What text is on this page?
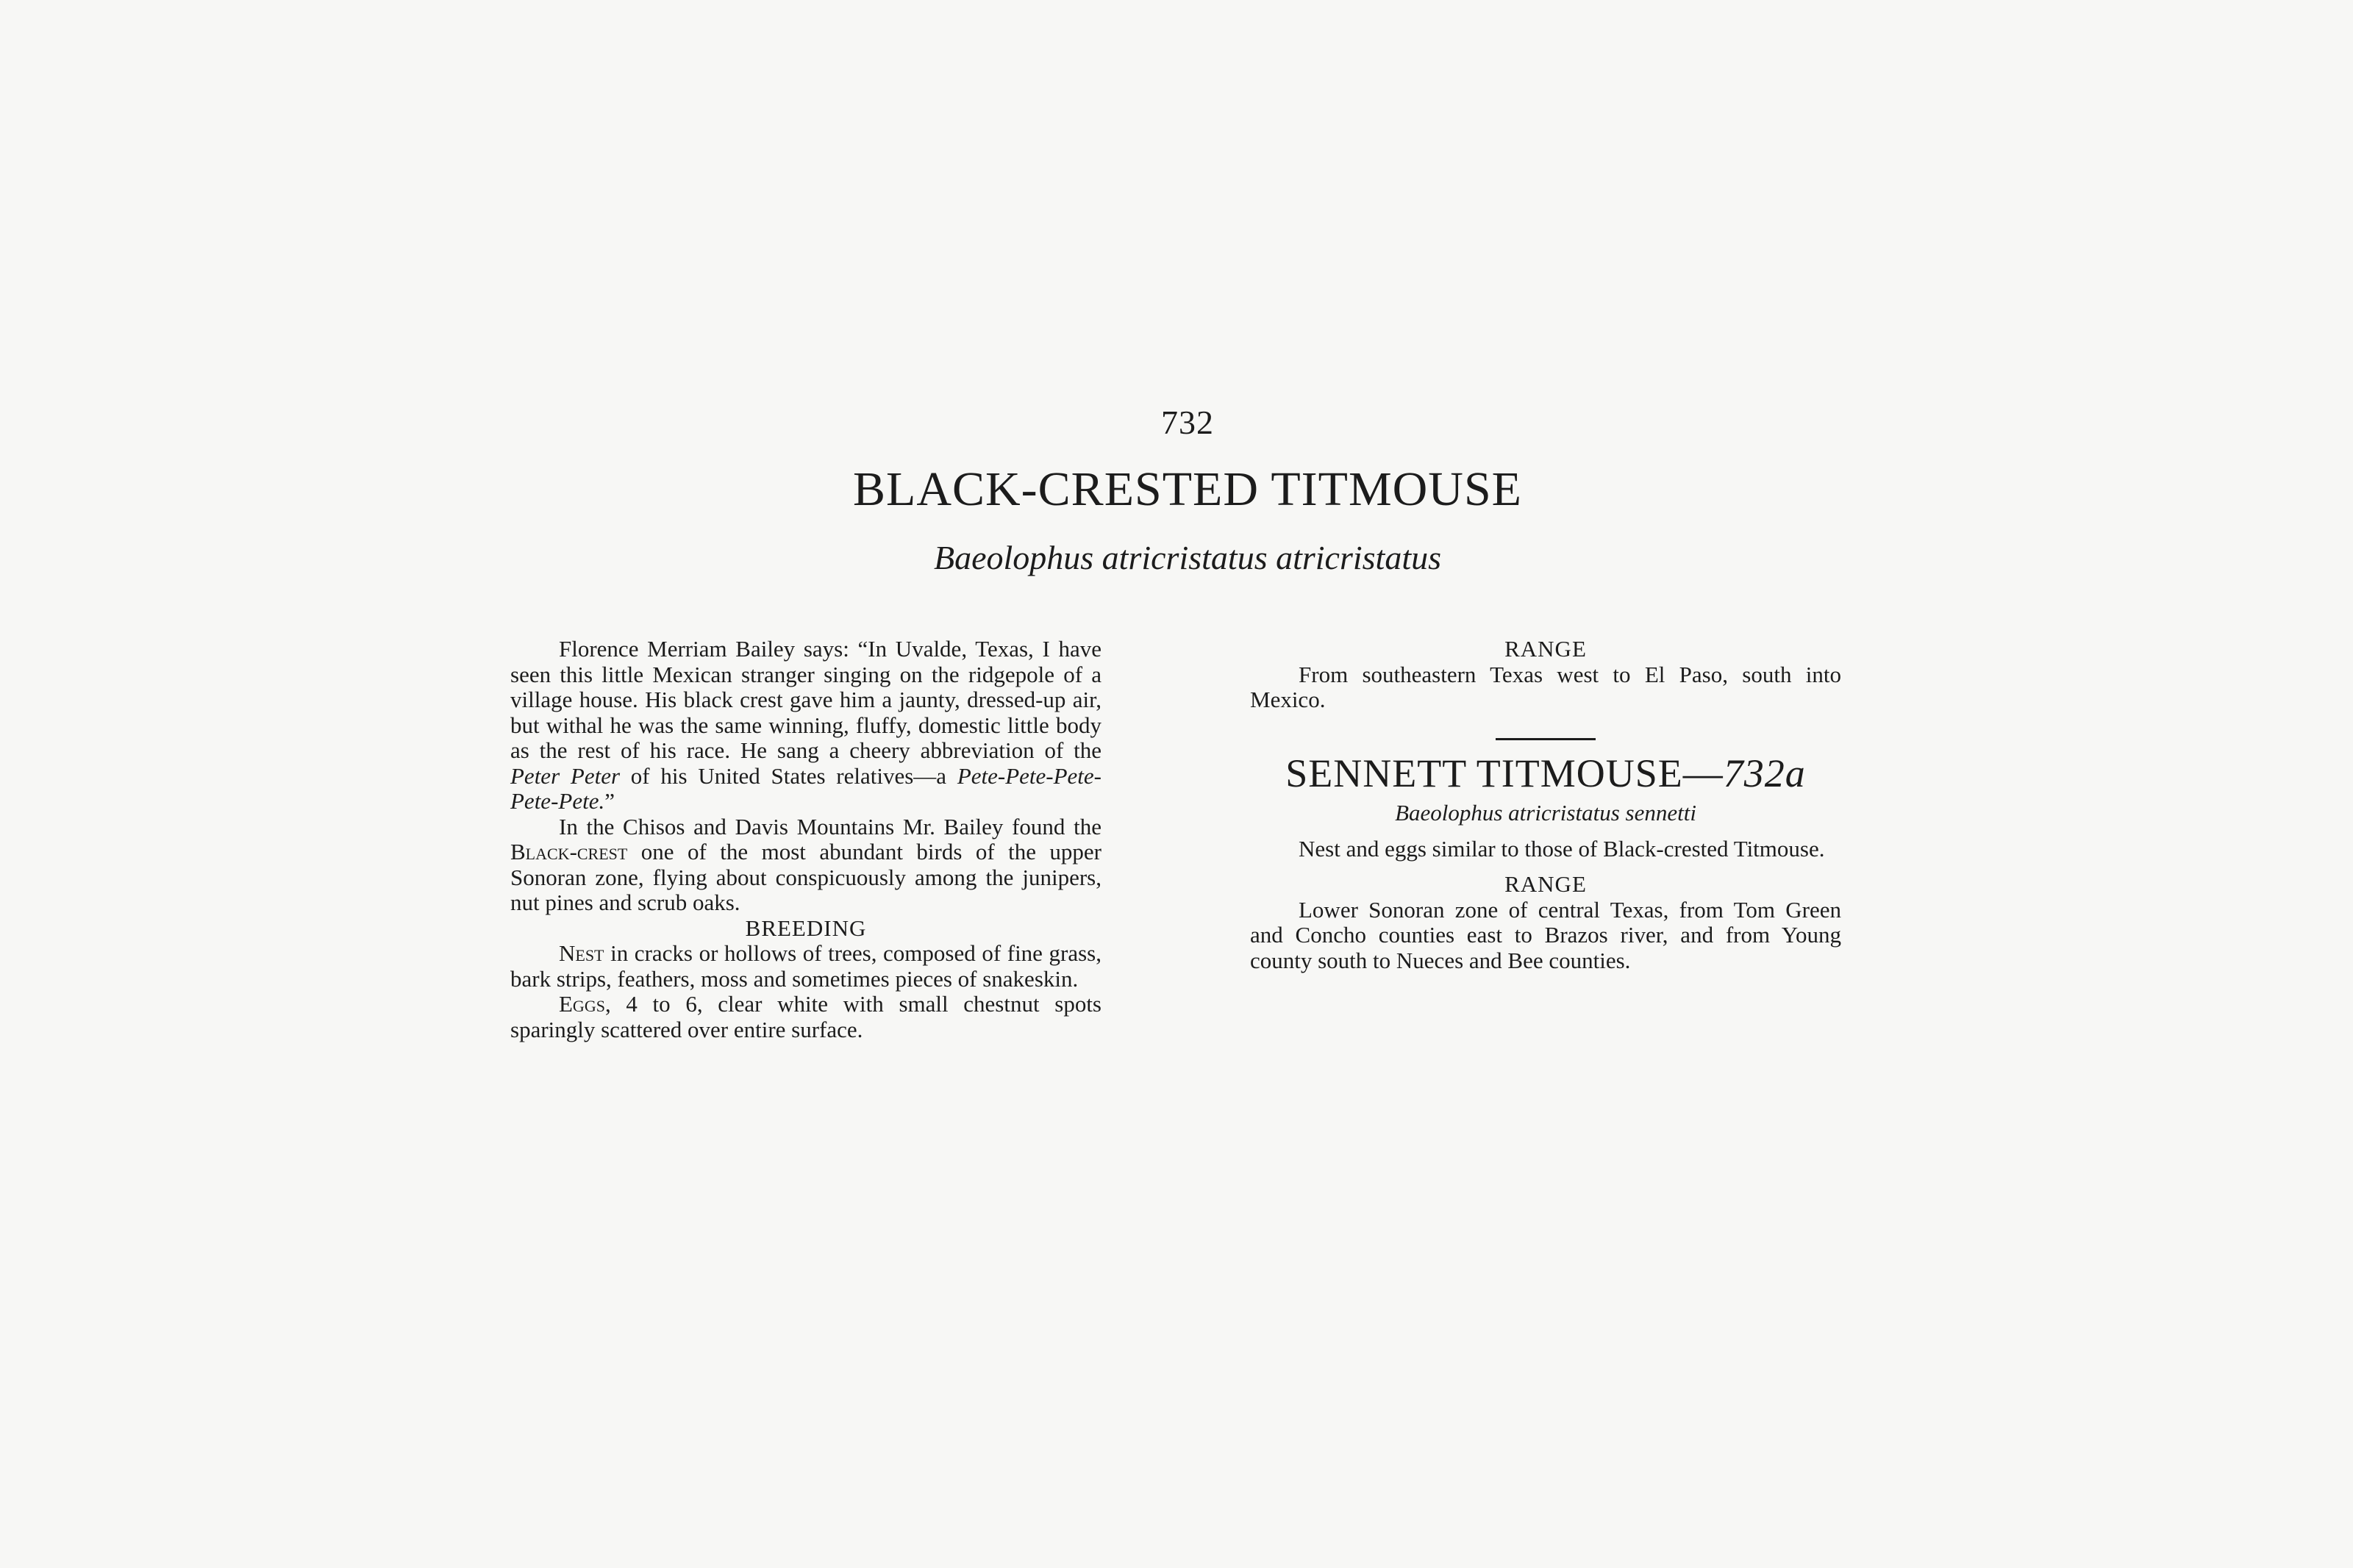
732
BLACK-CRESTED TITMOUSE
Baeolophus atricristatus atricristatus

Florence Merriam Bailey says: “In Uvalde, Texas, I have seen this little Mexican stranger singing on the ridgepole of a village house. His black crest gave him a jaunty, dressed-up air, but withal he was the same winning, fluffy, domestic little body as the rest of his race. He sang a cheery abbreviation of the Peter Peter of his United States relatives—a Pete-Pete-Pete-Pete-Pete.”

In the Chisos and Davis Mountains Mr. Bailey found the Black-crest one of the most abundant birds of the upper Sonoran zone, flying about conspicuously among the junipers, nut pines and scrub oaks.

BREEDING

Nest in cracks or hollows of trees, composed of fine grass, bark strips, feathers, moss and sometimes pieces of snakeskin.

Eggs, 4 to 6, clear white with small chestnut spots sparingly scattered over entire surface.

RANGE

From southeastern Texas west to El Paso, south into Mexico.

SENNETT TITMOUSE—732a
Baeolophus atricristatus sennetti

Nest and eggs similar to those of Black-crested Titmouse.

RANGE

Lower Sonoran zone of central Texas, from Tom Green and Concho counties east to Brazos river, and from Young county south to Nueces and Bee counties.
